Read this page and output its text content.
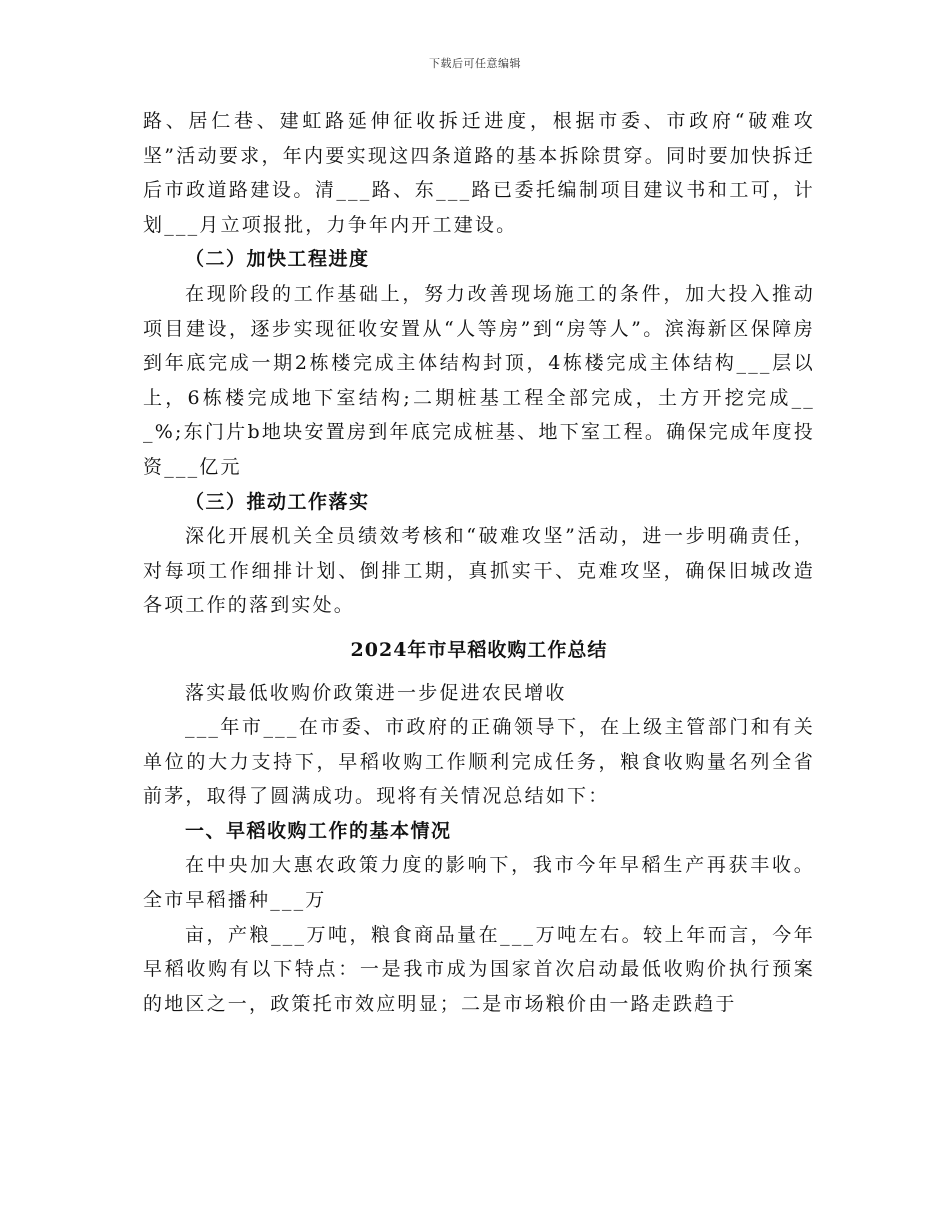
下载后可任意编辑

路、居仁巷、建虹路延伸征收拆迁进度，根据市委、市政府“破难攻坚”活动要求，年内要实现这四条道路的基本拆除贯穿。同时要加快拆迁后市政道路建设。清___路、东___路已委托编制项目建议书和工可，计划___月立项报批，力争年内开工建设。

（二）加快工程进度

在现阶段的工作基础上，努力改善现场施工的条件，加大投入推动项目建设，逐步实现征收安置从“人等房”到“房等人”。滨海新区保障房到年底完成一期2栋楼完成主体结构封顶，4栋楼完成主体结构___层以上，6栋楼完成地下室结构;二期桩基工程全部完成，土方开挖完成___%;东门片b地块安置房到年底完成桩基、地下室工程。确保完成年度投资___亿元

（三）推动工作落实

深化开展机关全员绩效考核和“破难攻坚”活动，进一步明确责任，对每项工作细排计划、倒排工期，真抓实干、克难攻坚，确保旧城改造各项工作的落到实处。

2024年市早稻收购工作总结

落实最低收购价政策进一步促进农民增收

___年市___在市委、市政府的正确领导下，在上级主管部门和有关单位的大力支持下，早稻收购工作顺利完成任务，粮食收购量名列全省前茅，取得了圆满成功。现将有关情况总结如下：

一、早稻收购工作的基本情况

在中央加大惠农政策力度的影响下，我市今年早稻生产再获丰收。全市早稻播种___万

亩，产粮___万吨，粮食商品量在___万吨左右。较上年而言，今年早稻收购有以下特点：一是我市成为国家首次启动最低收购价执行预案的地区之一，政策托市效应明显；二是市场粮价由一路走跌趋于
